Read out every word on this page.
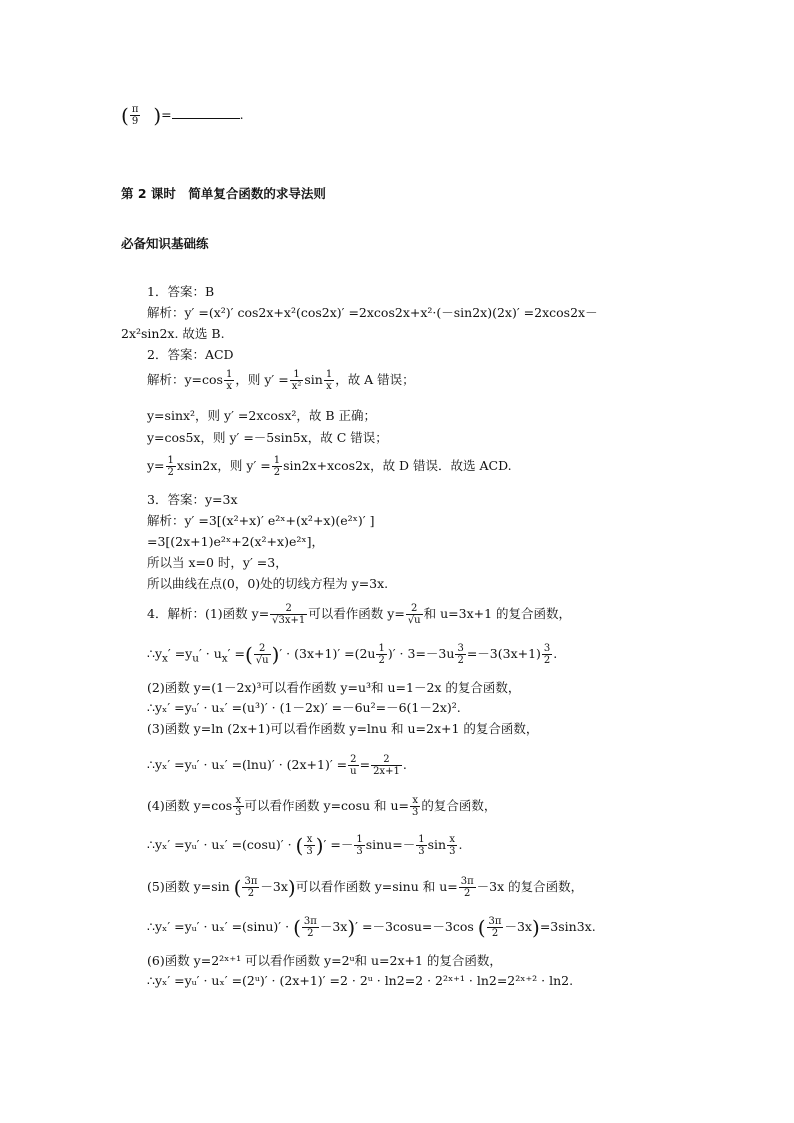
( $\frac{\pi}{9}$ )=	.
第 2 课时　简单复合函数的求导法则
必备知识基础练
1．答案：B
解析：y′ =(x²)′ cos2x+x²(cos2x)′ =2xcos2x+x²·(－sin2x)(2x)′ =2xcos2x－
2x²sin2x. 故选 B.
2．答案：ACD
解析：$y=\cos \frac{1}{x}$ ，则 $y' = \frac{1}{\text{x²}}$ $\sin \frac{1}{x}$ ，故 A 错误；
y=sinx²，则 y′ =2xcosx²，故 B 正确；
y=cos5x，则 y′ =－5sin5x，故 C 错误；
$y= \frac{1}{2} xsin2x$，则 $y' = \frac{1}{2} \sin 2x+xcos2x$，故 D 错误．故选 ACD.
3．答案：y=3x
解析：y′ =3[(x²+x)′ e²ˣ+(x²+x)(e²ˣ)′ ]
=3[(2x+1)e²ˣ+2(x²+x)e²ˣ]，
所以当 x=0 时，y′ =3，
所以曲线在点(0，0)处的切线方程为 y=3x.
4．解析：(1)函数 $y= \frac{2}{√3x+1}$ 可以看作函数 $y= \frac{2}{√u}$ 和 u=3x+1 的复合函数，
$\therefore y_x' =y_u' \cdot u_x'$ =( $\frac{2}{√u}$ )′ · $(3x+1)' =(2u \frac{1}{2}$ )′ · $3=-3u \frac{3}{2} =-3(3x+1) \frac{3}{2}$ .
(2)函数 y=(1－2x)³可以看作函数 y=u³和 u=1－2x 的复合函数，
∴yₓ′ =yᵤ′ · uₓ′ =(u³)′ · (1－2x)′ =－6u²=－6(1－2x)².
(3)函数 y=ln (2x+1)可以看作函数 y=lnu 和 u=2x+1 的复合函数，
∴yₓ′ =yᵤ′ · $u_x' =(\ln u)' \cdot (2x+1)' = \frac{2}{u} = \frac{2}{2x+1}$ .
(4)函数 $y=\cos \frac{x}{3}$ 可以看作函数 y=cosu 和 $u= \frac{x}{3}$ 的复合函数，
∴yₓ′ =yᵤ′ · uₓ′ =(cosu)′ · ( $\frac{x}{3}$ )′ =－ $\frac{1}{3} \sin u=- \frac{1}{3}$ $\sin \frac{x}{3}$ .
(5)函数 y=sin ( $\frac{3\pi}{2} -3x$)可以看作函数 y=sinu 和 $u= \frac{3\pi}{2} -3x$ 的复合函数，
∴yₓ′ =yᵤ′ · uₓ′ =(sinu)′ · ( $\frac{3\pi}{2} -3x)' =-3\cos u=-3\cos$ ( $\frac{3\pi}{2} -3x)=3\sin 3x$.
(6)函数 y=2²ˣ⁺¹ 可以看作函数 y=2ᵘ和 u=2x+1 的复合函数，
∴yₓ′ =yᵤ′ · uₓ′ =(2ᵘ)′ · (2x+1)′ =2 · 2ᵘ · ln2=2 · 2²ˣ⁺¹ · ln2=2²ˣ⁺² · ln2.
